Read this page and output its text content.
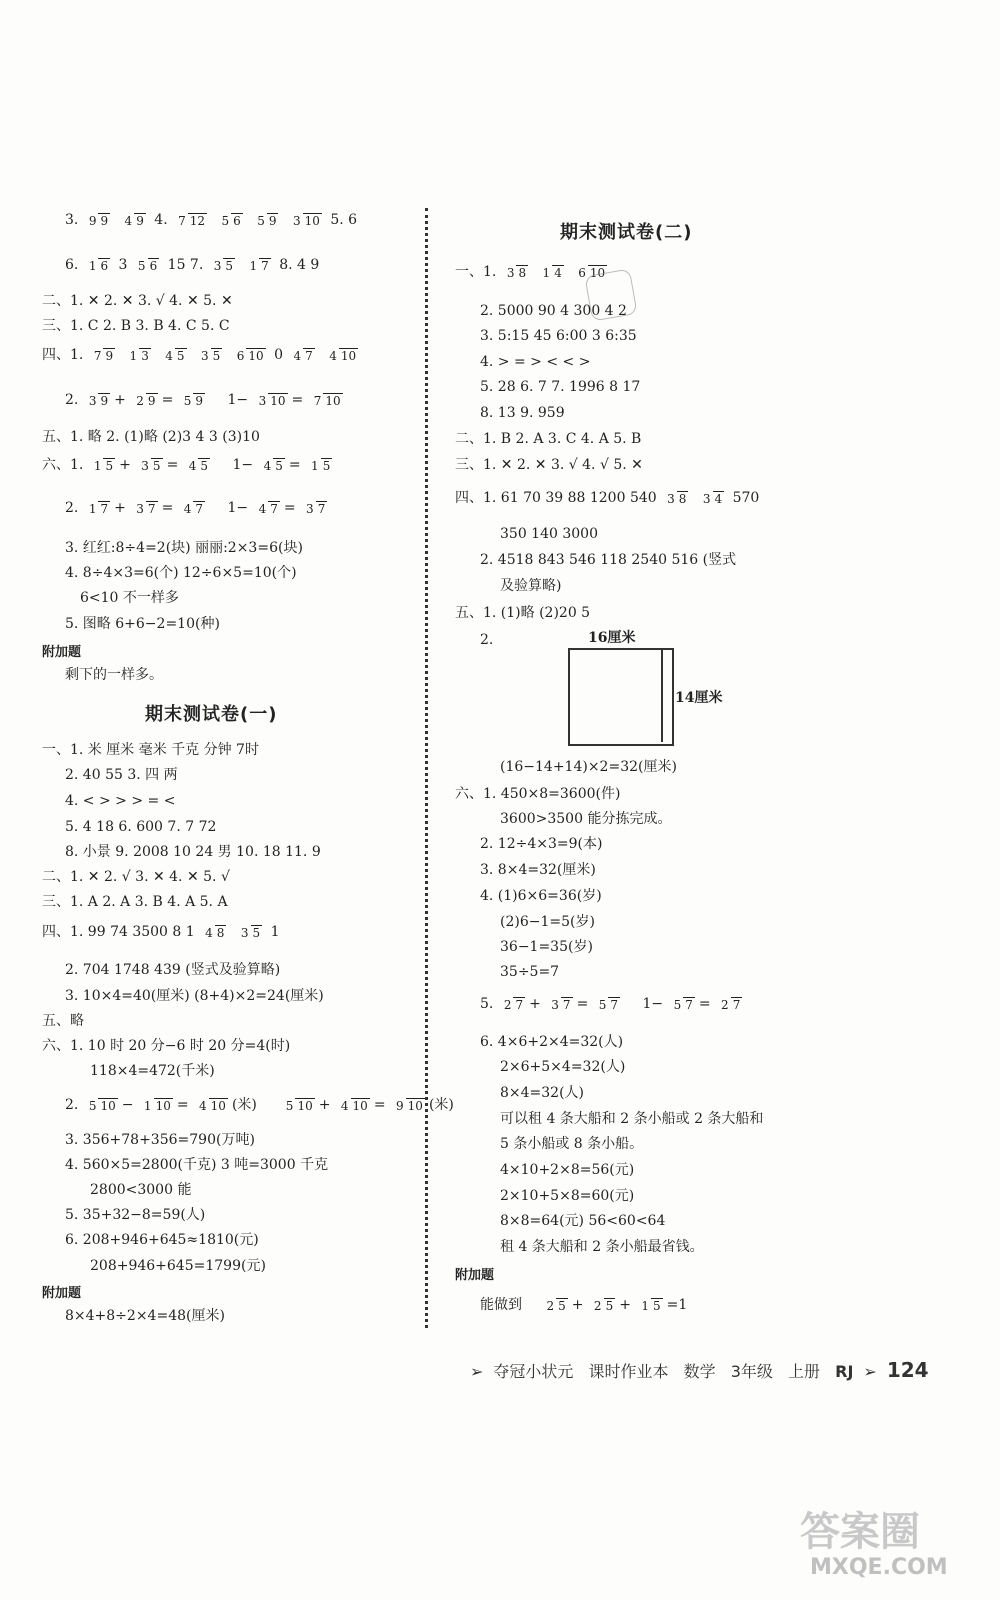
3. 9 9 4 9 4. 7 12 5 6 5 9 3 10 5. 6
6. 1 6 3 5 6 15 7. 3 5 1 7 8. 4 9
二、1. ✕ 2. ✕ 3. √ 4. ✕ 5. ✕
三、1. C 2. B 3. B 4. C 5. C
四、1. 7 9 1 3 4 5 3 5 6 10 0 4 7 4 10
2. 3 9 + 2 9 = 5 9 1− 3 10 = 7 10
五、1. 略 2. (1)略 (2)3 4 3 (3)10
六、1. 1 5 + 3 5 = 4 5 1− 4 5 = 1 5
2. 1 7 + 3 7 = 4 7 1− 4 7 = 3 7
3. 红红:8÷4=2(块) 丽丽:2×3=6(块)
4. 8÷4×3=6(个) 12÷6×5=10(个)
6<10 不一样多
5. 图略 6+6−2=10(种)
附加题
剩下的一样多。
期末测试卷(一)
一、1. 米 厘米 毫米 千克 分钟 7时
2. 40 55 3. 四 两
4. < > > > = <
5. 4 18 6. 600 7. 7 72
8. 小景 9. 2008 10 24 男 10. 18 11. 9
二、1. ✕ 2. √ 3. ✕ 4. ✕ 5. √
三、1. A 2. A 3. B 4. A 5. A
四、1. 99 74 3500 8 1 4 8 3 5 1
2. 704 1748 439 (竖式及验算略)
3. 10×4=40(厘米) (8+4)×2=24(厘米)
五、略
六、1. 10 时 20 分−6 时 20 分=4(时)
118×4=472(千米)
2. 5 10 − 1 10 = 4 10 (米) 5 10 + 4 10 = 9 10 (米)
3. 356+78+356=790(万吨)
4. 560×5=2800(千克) 3 吨=3000 千克
2800<3000 能
5. 35+32−8=59(人)
6. 208+946+645≈1810(元)
208+946+645=1799(元)
附加题
8×4+8÷2×4=48(厘米)
期末测试卷(二)
一、1. 3 8 1 4 6 10
2. 5000 90 4 300 4 2
3. 5:15 45 6:00 3 6:35
4. > = > < < >
5. 28 6. 7 7. 1996 8 17
8. 13 9. 959
二、1. B 2. A 3. C 4. A 5. B
三、1. ✕ 2. ✕ 3. √ 4. √ 5. ✕
四、1. 61 70 39 88 1200 540 3 8 3 4 570
350 140 3000
2. 4518 843 546 118 2540 516 (竖式
及验算略)
五、1. (1)略 (2)20 5
2.	16厘米
14厘米
(16−14+14)×2=32(厘米)
六、1. 450×8=3600(件)
3600>3500 能分拣完成。
2. 12÷4×3=9(本)
3. 8×4=32(厘米)
4. (1)6×6=36(岁)
(2)6−1=5(岁)
36−1=35(岁)
35÷5=7
5. 2 7 + 3 7 = 5 7 1− 5 7 = 2 7
6. 4×6+2×4=32(人)
2×6+5×4=32(人)
8×4=32(人)
可以租 4 条大船和 2 条小船或 2 条大船和
5 条小船或 8 条小船。
4×10+2×8=56(元)
2×10+5×8=60(元)
8×8=64(元) 56<60<64
租 4 条大船和 2 条小船最省钱。
附加题
能做到 2 5 + 2 5 + 1 5 =1
➢ 夺冠小状元 课时作业本 数学 3年级 上册 RJ ➢ 124
答案圈
MXQE.COM
